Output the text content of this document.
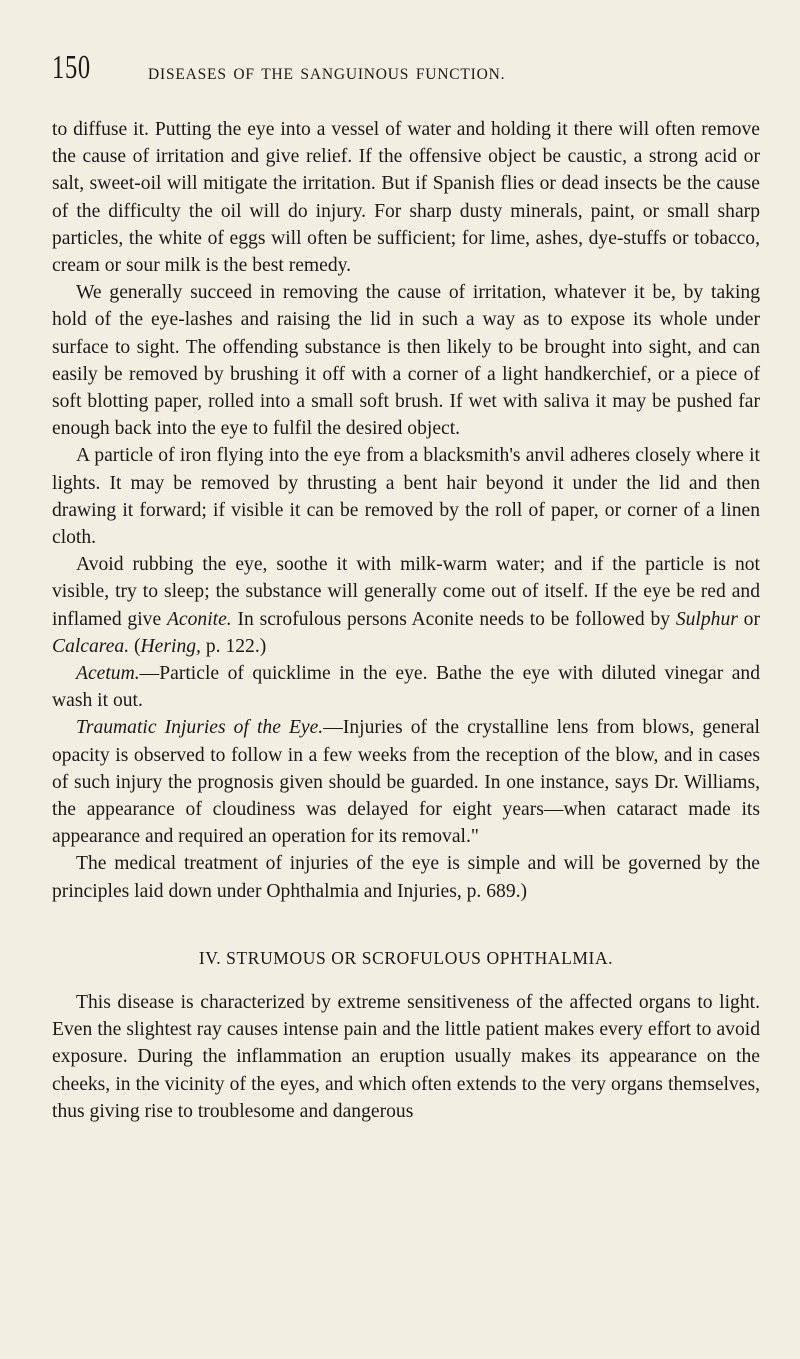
150	DISEASES OF THE SANGUINOUS FUNCTION.

to diffuse it. Putting the eye into a vessel of water and holding it there will often remove the cause of irritation and give relief. If the offensive object be caustic, a strong acid or salt, sweet-oil will mitigate the irritation. But if Spanish flies or dead insects be the cause of the difficulty the oil will do injury. For sharp dusty minerals, paint, or small sharp particles, the white of eggs will often be sufficient; for lime, ashes, dye-stuffs or tobacco, cream or sour milk is the best remedy.

We generally succeed in removing the cause of irritation, whatever it be, by taking hold of the eye-lashes and raising the lid in such a way as to expose its whole under surface to sight. The offending substance is then likely to be brought into sight, and can easily be removed by brushing it off with a corner of a light handkerchief, or a piece of soft blotting paper, rolled into a small soft brush. If wet with saliva it may be pushed far enough back into the eye to fulfil the desired object.

A particle of iron flying into the eye from a blacksmith's anvil adheres closely where it lights. It may be removed by thrusting a bent hair beyond it under the lid and then drawing it forward; if visible it can be removed by the roll of paper, or corner of a linen cloth.

Avoid rubbing the eye, soothe it with milk-warm water; and if the particle is not visible, try to sleep; the substance will generally come out of itself. If the eye be red and inflamed give Aconite. In scrofulous persons Aconite needs to be followed by Sulphur or Calcarea. (Hering, p. 122.)

Acetum.—Particle of quicklime in the eye. Bathe the eye with diluted vinegar and wash it out.

Traumatic Injuries of the Eye.—Injuries of the crystalline lens from blows, general opacity is observed to follow in a few weeks from the reception of the blow, and in cases of such injury the prognosis given should be guarded. In one instance, says Dr. Williams, the appearance of cloudiness was delayed for eight years—when cataract made its appearance and required an operation for its removal."

The medical treatment of injuries of the eye is simple and will be governed by the principles laid down under Ophthalmia and Injuries, p. 689.)

IV. STRUMOUS OR SCROFULOUS OPHTHALMIA.

This disease is characterized by extreme sensitiveness of the affected organs to light. Even the slightest ray causes intense pain and the little patient makes every effort to avoid exposure. During the inflammation an eruption usually makes its appearance on the cheeks, in the vicinity of the eyes, and which often extends to the very organs themselves, thus giving rise to troublesome and dangerous
